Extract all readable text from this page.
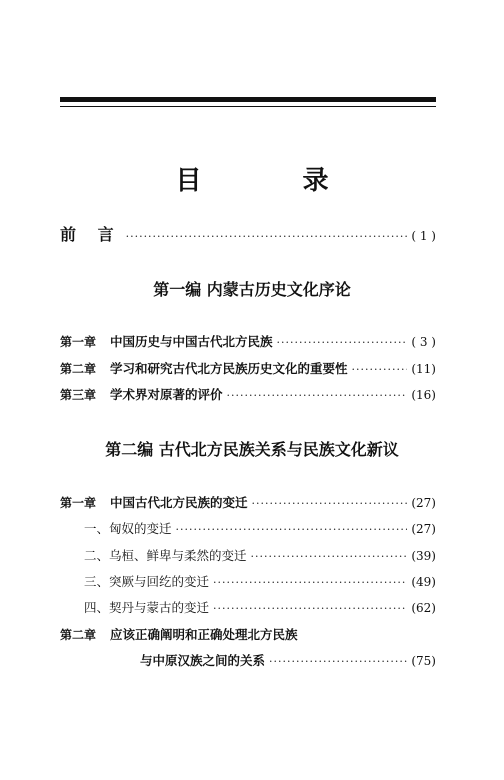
目 录
前 言 ·····	( 1 )
第一编 内蒙古历史文化序论
第一章 中国历史与中国古代北方民族 ·····	( 3 )
第二章 学习和研究古代北方民族历史文化的重要性 ·····	(11)
第三章 学术界对原著的评价 ·····	(16)
第二编 古代北方民族关系与民族文化新议
第一章 中国古代北方民族的变迁 ·····	(27)
一、匈奴的变迁 ·····	(27)
二、乌桓、鲜卑与柔然的变迁 ·····	(39)
三、突厥与回纥的变迁 ·····	(49)
四、契丹与蒙古的变迁 ·····	(62)
第二章 应该正确阐明和正确处理北方民族
与中原汉族之间的关系 ·····	(75)
